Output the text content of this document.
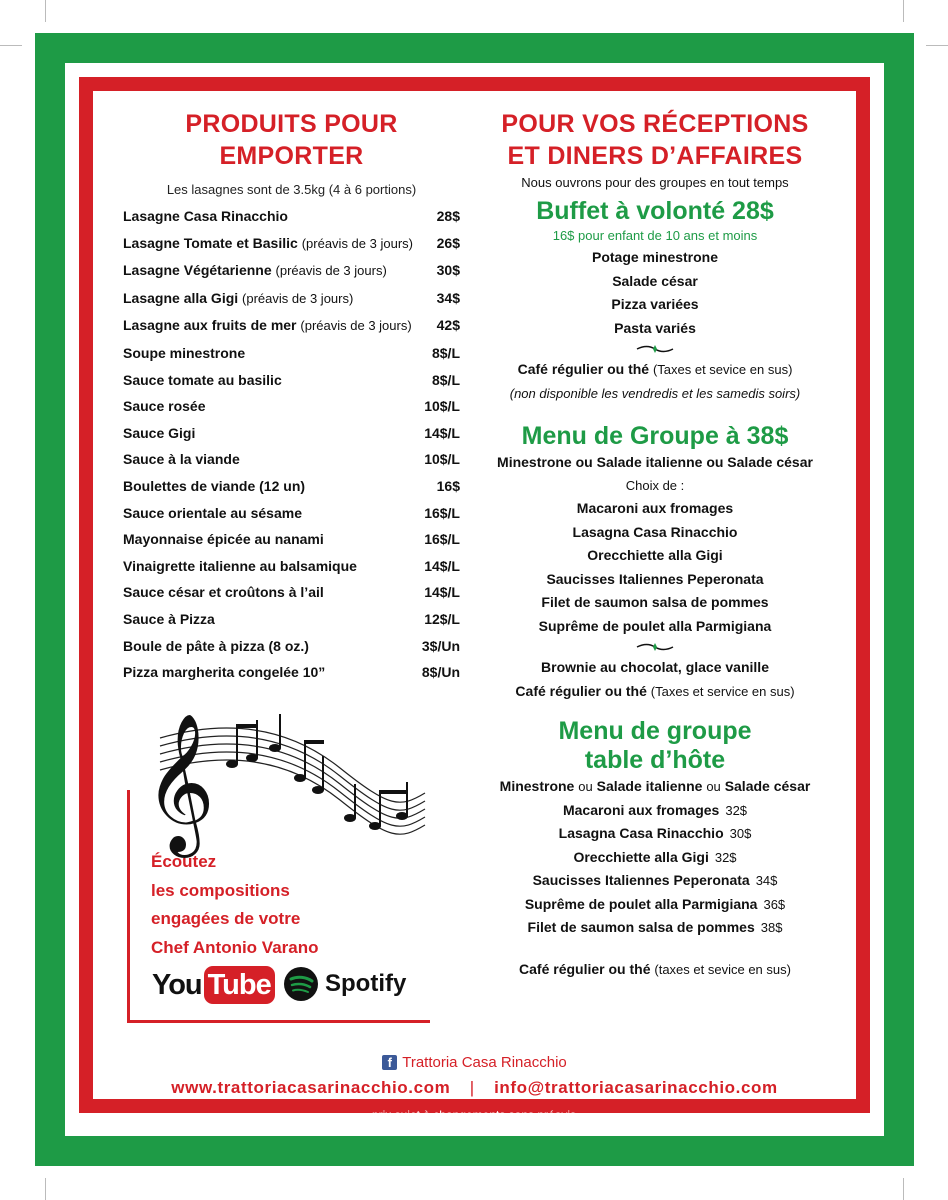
PRODUITS POUR
EMPORTER
Les lasagnes sont de 3.5kg (4 à 6 portions)
Lasagne Casa Rinacchio	28$
Lasagne Tomate et Basilic (préavis de 3 jours) 26$
Lasagne Végétarienne (préavis de 3 jours)	30$
Lasagne alla Gigi (préavis de 3 jours)	34$
Lasagne aux fruits de mer (préavis de 3 jours) 42$
Soupe minestrone	8$/L
Sauce tomate au basilic	8$/L
Sauce rosée	10$/L
Sauce Gigi	14$/L
Sauce à la viande	10$/L
Boulettes de viande (12 un)	16$
Sauce orientale au sésame	16$/L
Mayonnaise épicée au nanami	16$/L
Vinaigrette italienne au balsamique	14$/L
Sauce césar et croûtons à l’ail	14$/L
Sauce à Pizza	12$/L
Boule de pâte à pizza (8 oz.)	3$/Un
Pizza margherita congelée 10”	8$/Un
𝄞
Écoutez
les compositions
engagées de votre
Chef Antonio Varano
You Tube Spotify
POUR VOS RÉCEPTIONS
ET DINERS D’AFFAIRES
Nous ouvrons pour des groupes en tout temps
Buffet à volonté 28$
16$ pour enfant de 10 ans et moins
Potage minestrone
Salade césar
Pizza variées
Pasta variés
Café régulier ou thé (Taxes et sevice en sus)
(non disponible les vendredis et les samedis soirs)
Menu de Groupe à 38$
Minestrone ou Salade italienne ou Salade césar
Choix de :
Macaroni aux fromages
Lasagna Casa Rinacchio
Orecchiette alla Gigi
Saucisses Italiennes Peperonata
Filet de saumon salsa de pommes
Suprême de poulet alla Parmigiana
Brownie au chocolat, glace vanille
Café régulier ou thé (Taxes et service en sus)
Menu de groupe
table d’hôte
Minestrone ou Salade italienne ou Salade césar
Macaroni aux fromages 32$
Lasagna Casa Rinacchio 30$
Orecchiette alla Gigi 32$
Saucisses Italiennes Peperonata 34$
Suprême de poulet alla Parmigiana 36$
Filet de saumon salsa de pommes 38$
Café régulier ou thé (taxes et sevice en sus)
f Trattoria Casa Rinacchio
www.trattoriacasarinacchio.com | info@trattoriacasarinacchio.com
prix sujet à changements sans préavis
